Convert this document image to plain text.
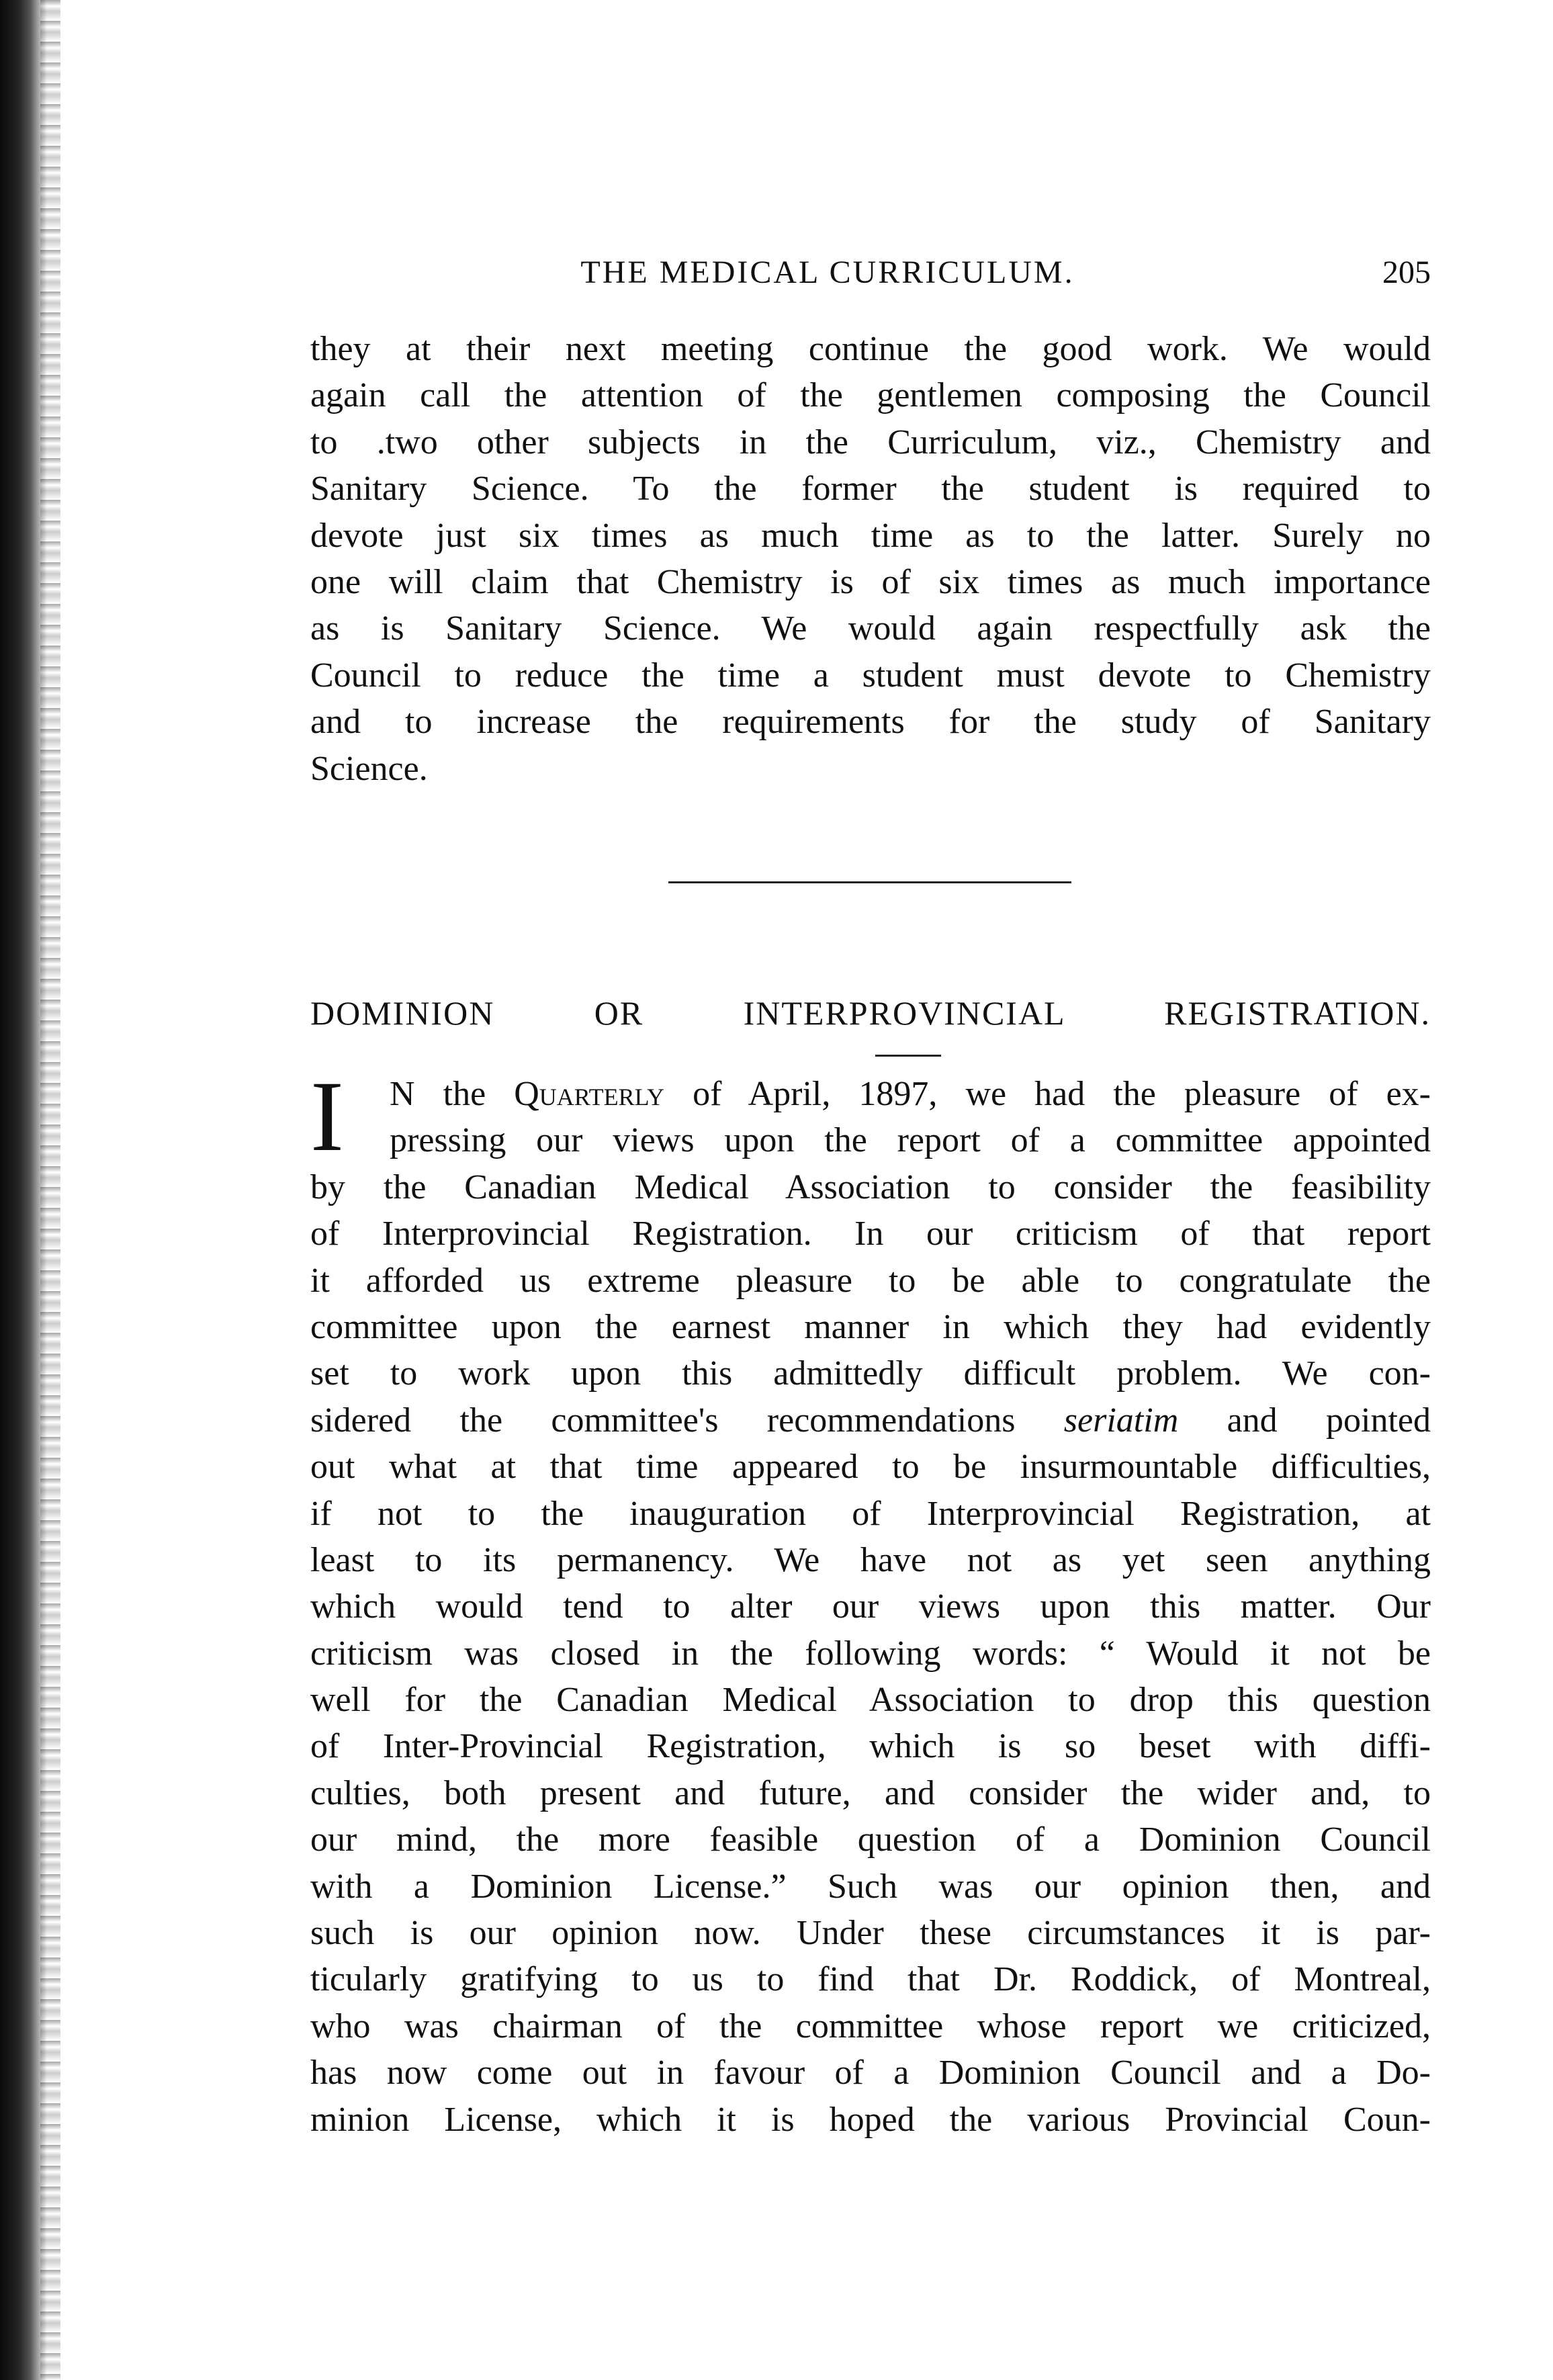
THE MEDICAL CURRICULUM.	205
they at their next meeting continue the good work. We would
again call the attention of the gentlemen composing the Council
to .two other subjects in the Curriculum, viz., Chemistry and
Sanitary Science. To the former the student is required to
devote just six times as much time as to the latter. Surely no
one will claim that Chemistry is of six times as much importance
as is Sanitary Science. We would again respectfully ask the
Council to reduce the time a student must devote to Chemistry
and to increase the requirements for the study of Sanitary
Science.
DOMINION OR INTERPROVINCIAL REGISTRATION.
I	N the Quarterly of April, 1897, we had the pleasure of ex-
pressing our views upon the report of a committee appointed
by the Canadian Medical Association to consider the feasibility
of Interprovincial Registration. In our criticism of that report
it afforded us extreme pleasure to be able to congratulate the
committee upon the earnest manner in which they had evidently
set to work upon this admittedly difficult problem. We con-
sidered the committee's recommendations seriatim and pointed
out what at that time appeared to be insurmountable difficulties,
if not to the inauguration of Interprovincial Registration, at
least to its permanency. We have not as yet seen anything
which would tend to alter our views upon this matter. Our
criticism was closed in the following words: “ Would it not be
well for the Canadian Medical Association to drop this question
of Inter-Provincial Registration, which is so beset with diffi-
culties, both present and future, and consider the wider and, to
our mind, the more feasible question of a Dominion Council
with a Dominion License.” Such was our opinion then, and
such is our opinion now. Under these circumstances it is par-
ticularly gratifying to us to find that Dr. Roddick, of Montreal,
who was chairman of the committee whose report we criticized,
has now come out in favour of a Dominion Council and a Do-
minion License, which it is hoped the various Provincial Coun-
